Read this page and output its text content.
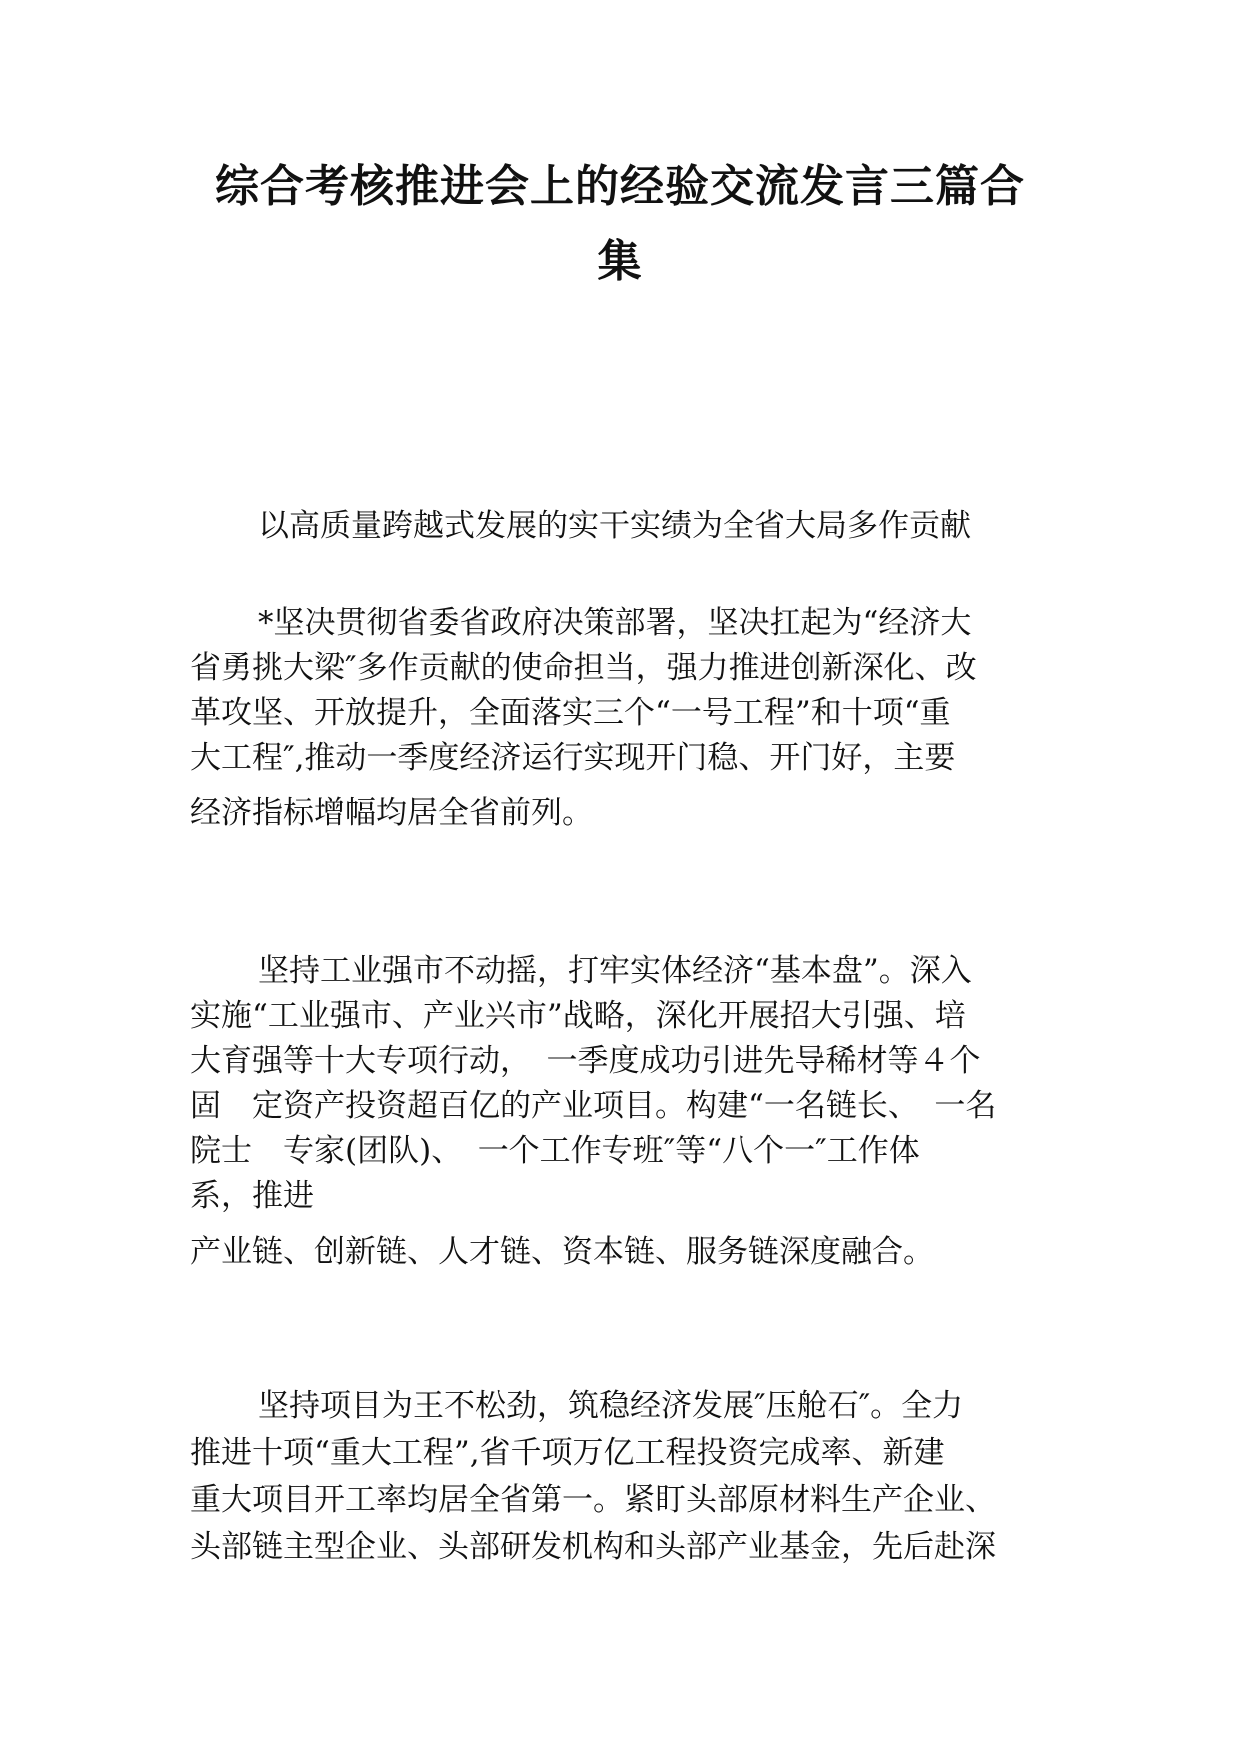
综合考核推进会上的经验交流发言三篇合
集

以高质量跨越式发展的实干实绩为全省大局多作贡献

*坚决贯彻省委省政府决策部署，坚决扛起为“经济大

省勇挑大梁″多作贡献的使命担当，强力推进创新深化、改

革攻坚、开放提升，全面落实三个“一号工程”和十项“重

大工程″,推动一季度经济运行实现开门稳、开门好，主要

经济指标增幅均居全省前列。

坚持工业强市不动摇，打牢实体经济“基本盘”。深入

实施“工业强市、产业兴市”战略，深化开展招大引强、培

大育强等十大专项行动，　一季度成功引进先导稀材等４个

固　定资产投资超百亿的产业项目。构建“一名链长、　一名

院士　专家(团队)、　一个工作专班″等“八个一″工作体

系，推进

产业链、创新链、人才链、资本链、服务链深度融合。

坚持项目为王不松劲，筑稳经济发展″压舱石″。全力

推进十项“重大工程”,省千项万亿工程投资完成率、新建

重大项目开工率均居全省第一。紧盯头部原材料生产企业、

头部链主型企业、头部研发机构和头部产业基金，先后赴深
